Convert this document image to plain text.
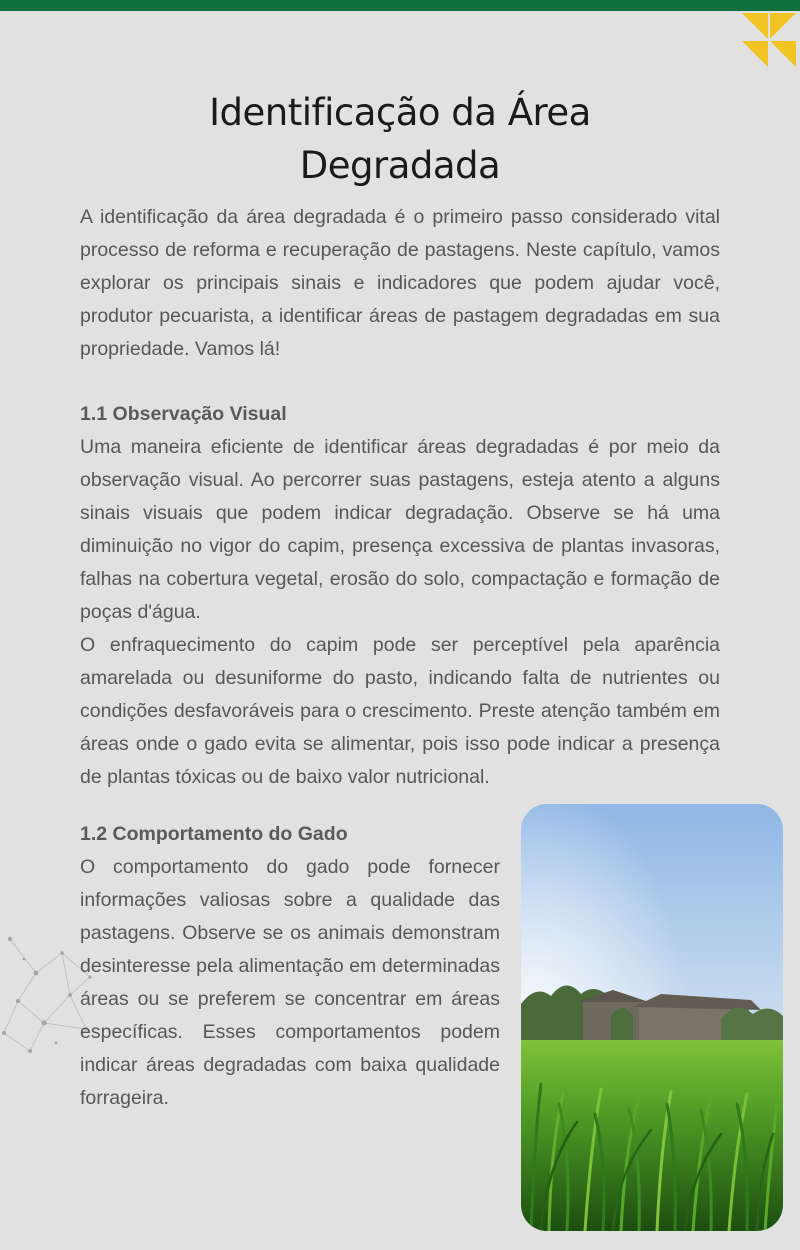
Identificação da Área
Degradada

A identificação da área degradada é o primeiro passo considerado vital processo de reforma e recuperação de pastagens. Neste capítulo, vamos explorar os principais sinais e indicadores que podem ajudar você, produtor pecuarista, a identificar áreas de pastagem degradadas em sua propriedade. Vamos lá!

1.1 Observação Visual

Uma maneira eficiente de identificar áreas degradadas é por meio da observação visual. Ao percorrer suas pastagens, esteja atento a alguns sinais visuais que podem indicar degradação. Observe se há uma diminuição no vigor do capim, presença excessiva de plantas invasoras, falhas na cobertura vegetal, erosão do solo, compactação e formação de poças d'água.

O enfraquecimento do capim pode ser perceptível pela aparência amarelada ou desuniforme do pasto, indicando falta de nutrientes ou condições desfavoráveis para o crescimento. Preste atenção também em áreas onde o gado evita se alimentar, pois isso pode indicar a presença de plantas tóxicas ou de baixo valor nutricional.

1.2 Comportamento do Gado

O comportamento do gado pode fornecer informações valiosas sobre a qualidade das pastagens. Observe se os animais demonstram desinteresse pela alimentação em determinadas áreas ou se preferem se concentrar em áreas específicas. Esses comportamentos podem indicar áreas degradadas com baixa qualidade forrageira.
